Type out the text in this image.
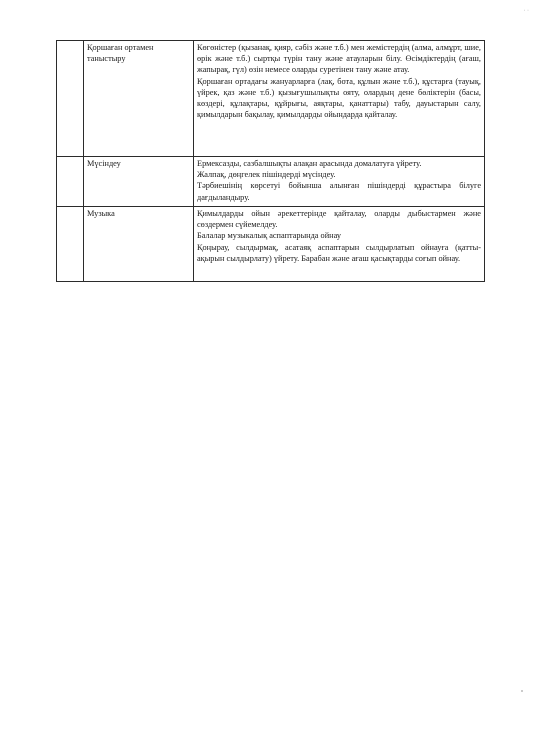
· ·
	Қоршаған ортамен таныстыру	Көгөністер (қызанақ, қияр, сәбіз және т.б.) мен жемістердің (алма, алмұрт, шие, өрік және т.б.) сыртқы түрін тану және атауларын білу. Өсімдіктердің (ағаш, жапырақ, гүл) өзін немесе оларды суретінен тану және атау.
Қоршаған ортадағы жануарларға (лақ, бота, құлын және т.б.), құстарға (тауық, үйрек, қаз және т.б.) қызығушылықты ояту, олардың дене бөліктерін (басы, көздері, құлақтары, құйрығы, аяқтары, қанаттары) табу, дауыстарын салу, қимылдарын бақылау, қимылдарды ойындарда қайталау.

	Мүсіндеу	Ермексазды, сазбалшықты алақан арасында домалатуға үйрету.
Жалпақ, дөңгелек пішіндерді мүсіндеу.
Тәрбиешінің көрсетуі бойынша алынған пішіндерді құрастыра білуге дағдыландыру.

	Музыка	Қимылдарды ойын әрекеттерінде қайталау, оларды дыбыстармен және сөздермен сүйемелдеу.
Балалар музыкалық аспаптарында ойнау
Қоңырау, сылдырмақ, асатаяқ аспаптарын сылдырлатып ойнауға (қатты-ақырын сылдырлату) үйрету. Барабан және ағаш қасықтарды соғып ойнау.
